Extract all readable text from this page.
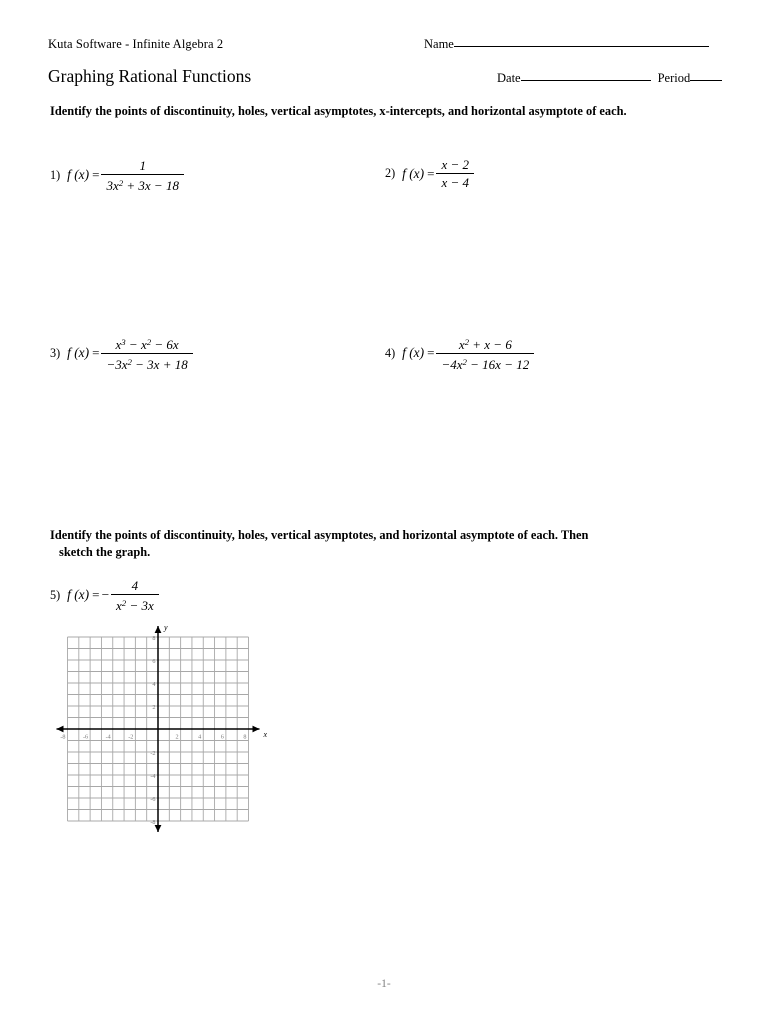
Kuta Software - Infinite Algebra 2
Graphing Rational Functions
Name
Date	Period
Identify the points of discontinuity, holes, vertical asymptotes, x-intercepts, and horizontal asymptote of each.
1) f $(x) = \frac{1}{3x^2 + 3x - 18}$	2) f $(x) = \frac{x - 2}{x - 4}$
3) f $(x) = \frac{x^3 - x^2 - 6x}{-3x^2 - 3x + 18}$	4) f $(x) = \frac{x^2 + x - 6}{-4x^2 - 16x - 12}$
Identify the points of discontinuity, holes, vertical asymptotes, and horizontal asymptote of each. Then
sketch the graph.
5) f (x) = − $\frac{4}{x^2 - 3x}$
-8	-6	-4	-2	2	4	6	8
8
6
4
2
-2
-4
-6
-8
x
y
-1-
